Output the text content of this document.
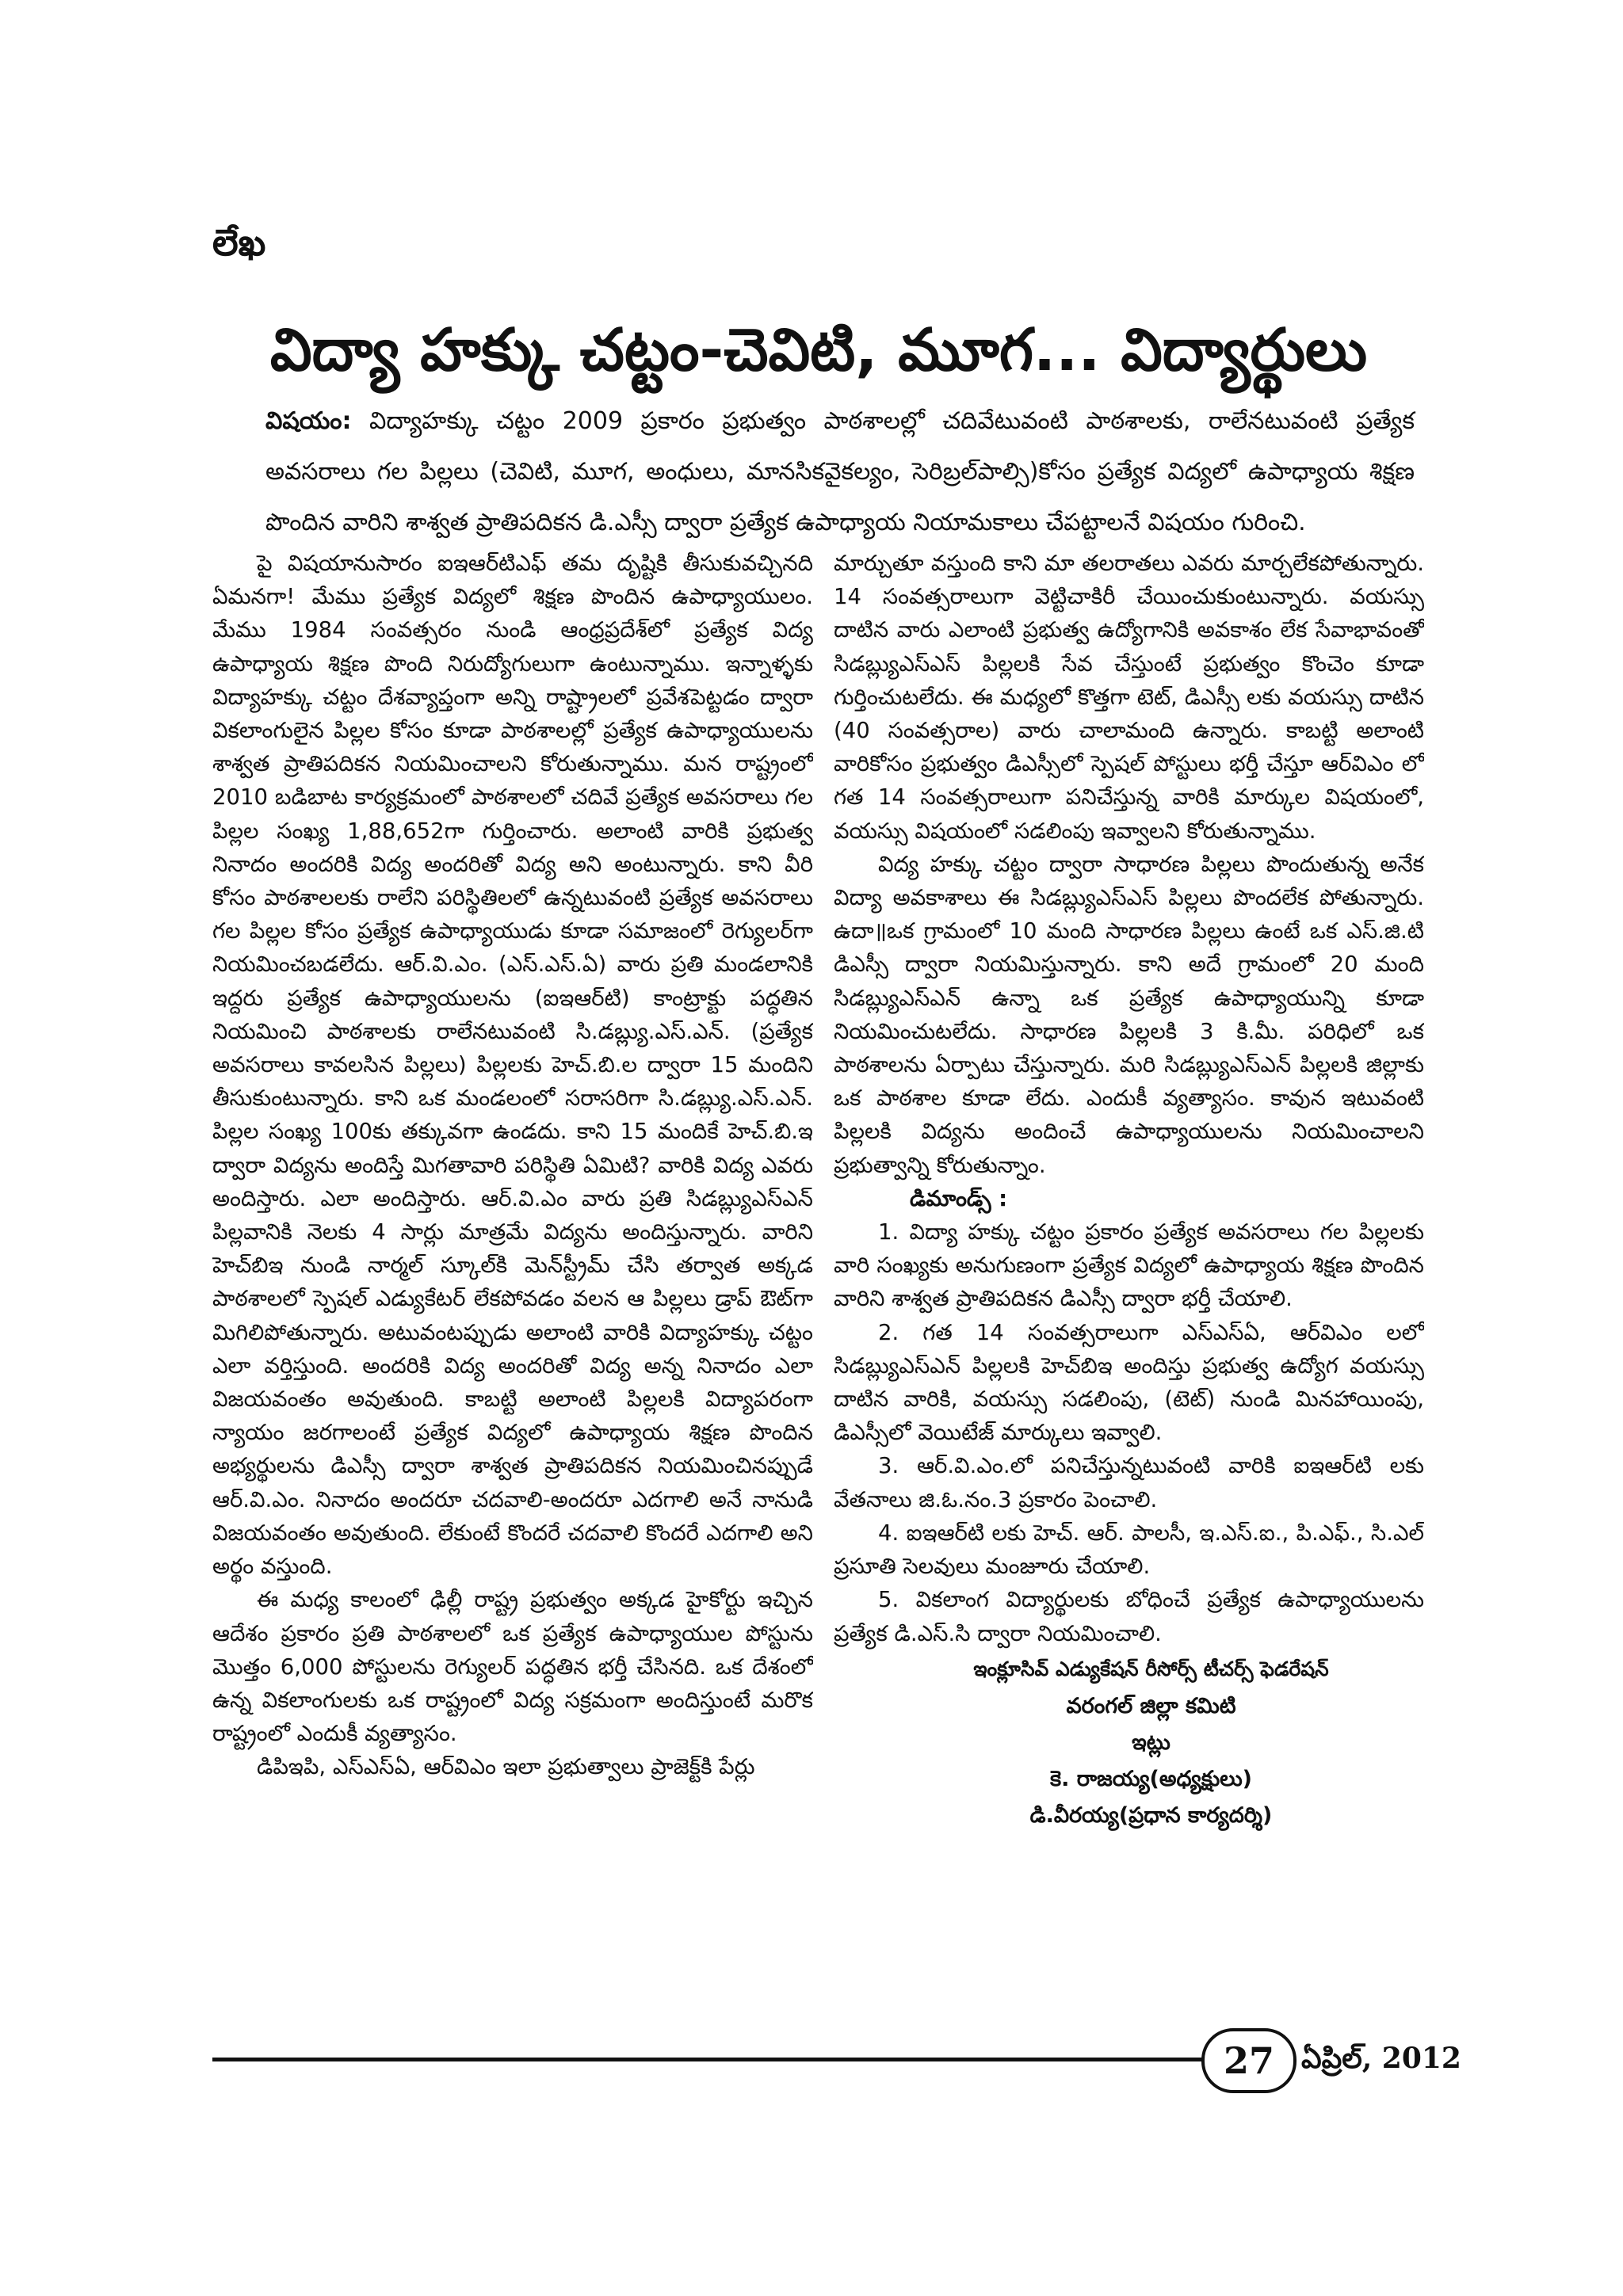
లేఖ
విద్యా హక్కు చట్టం-చెవిటి, మూగ... విద్యార్థులు
విషయం: విద్యాహక్కు చట్టం 2009 ప్రకారం ప్రభుత్వం పాఠశాలల్లో చదివేటువంటి పాఠశాలకు, రాలేనటువంటి ప్రత్యేక అవసరాలు గల పిల్లలు (చెవిటి, మూగ, అంధులు, మానసికవైకల్యం, సెరిబ్రల్‌పాల్సి)కోసం ప్రత్యేక విద్యలో ఉపాధ్యాయ శిక్షణ పొందిన వారిని శాశ్వత ప్రాతిపదికన డి.ఎస్సీ ద్వారా ప్రత్యేక ఉపాధ్యాయ నియామకాలు చేపట్టాలనే విషయం గురించి.

పై విషయానుసారం ఐఇఆర్‌టిఎఫ్ తమ దృష్టికి తీసుకువచ్చినది ఏమనగా! మేము ప్రత్యేక విద్యలో శిక్షణ పొందిన ఉపాధ్యాయులం. మేము 1984 సంవత్సరం నుండి ఆంధ్రప్రదేశ్‌లో ప్రత్యేక విద్య ఉపాధ్యాయ శిక్షణ పొంది నిరుద్యోగులుగా ఉంటున్నాము. ఇన్నాళ్ళకు విద్యాహక్కు చట్టం దేశవ్యాప్తంగా అన్ని రాష్ట్రాలలో ప్రవేశపెట్టడం ద్వారా వికలాంగులైన పిల్లల కోసం కూడా పాఠశాలల్లో ప్రత్యేక ఉపాధ్యాయులను శాశ్వత ప్రాతిపదికన నియమించాలని కోరుతున్నాము. మన రాష్ట్రంలో 2010 బడిబాట కార్యక్రమంలో పాఠశాలలో చదివే ప్రత్యేక అవసరాలు గల పిల్లల సంఖ్య 1,88,652గా గుర్తించారు. అలాంటి వారికి ప్రభుత్వ నినాదం అందరికి విద్య అందరితో విద్య అని అంటున్నారు. కాని వీరి కోసం పాఠశాలలకు రాలేని పరిస్థితిలలో ఉన్నటువంటి ప్రత్యేక అవసరాలు గల పిల్లల కోసం ప్రత్యేక ఉపాధ్యాయుడు కూడా సమాజంలో రెగ్యులర్‌గా నియమించబడలేదు. ఆర్.వి.ఎం. (ఎస్.ఎస్.ఏ) వారు ప్రతి మండలానికి ఇద్దరు ప్రత్యేక ఉపాధ్యాయులను (ఐఇఆర్‌టి) కాంట్రాక్టు పద్ధతిన నియమించి పాఠశాలకు రాలేనటువంటి సి.డబ్ల్యు.ఎస్.ఎన్. (ప్రత్యేక అవసరాలు కావలసిన పిల్లలు) పిల్లలకు హెచ్.బి.ల ద్వారా 15 మందిని తీసుకుంటున్నారు. కాని ఒక మండలంలో సరాసరిగా సి.డబ్ల్యు.ఎస్.ఎన్. పిల్లల సంఖ్య 100కు తక్కువగా ఉండదు. కాని 15 మందికే హెచ్.బి.ఇ ద్వారా విద్యను అందిస్తే మిగతావారి పరిస్థితి ఏమిటి? వారికి విద్య ఎవరు అందిస్తారు. ఎలా అందిస్తారు. ఆర్.వి.ఎం వారు ప్రతి సిడబ్ల్యుఎస్‌ఎన్ పిల్లవానికి నెలకు 4 సార్లు మాత్రమే విద్యను అందిస్తున్నారు. వారిని హెచ్‌బిఇ నుండి నార్మల్ స్కూల్‌కి మెన్‌స్ట్రీమ్ చేసి తర్వాత అక్కడ పాఠశాలలో స్పెషల్ ఎడ్యుకేటర్ లేకపోవడం వలన ఆ పిల్లలు డ్రాప్ ఔట్‌గా మిగిలిపోతున్నారు. అటువంటప్పుడు అలాంటి వారికి విద్యాహక్కు చట్టం ఎలా వర్తిస్తుంది. అందరికి విద్య అందరితో విద్య అన్న నినాదం ఎలా విజయవంతం అవుతుంది. కాబట్టి అలాంటి పిల్లలకి విద్యాపరంగా న్యాయం జరగాలంటే ప్రత్యేక విద్యలో ఉపాధ్యాయ శిక్షణ పొందిన అభ్యర్థులను డిఎస్సీ ద్వారా శాశ్వత ప్రాతిపదికన నియమించినప్పుడే ఆర్.వి.ఎం. నినాదం అందరూ చదవాలి-అందరూ ఎదగాలి అనే నానుడి విజయవంతం అవుతుంది. లేకుంటే కొందరే చదవాలి కొందరే ఎదగాలి అని అర్థం వస్తుంది.

ఈ మధ్య కాలంలో ఢిల్లీ రాష్ట్ర ప్రభుత్వం అక్కడ హైకోర్టు ఇచ్చిన ఆదేశం ప్రకారం ప్రతి పాఠశాలలో ఒక ప్రత్యేక ఉపాధ్యాయుల పోస్టును మొత్తం 6,000 పోస్టులను రెగ్యులర్ పద్ధతిన భర్తీ చేసినది. ఒక దేశంలో ఉన్న వికలాంగులకు ఒక రాష్ట్రంలో విద్య సక్రమంగా అందిస్తుంటే మరొక రాష్ట్రంలో ఎందుకీ వ్యత్యాసం.

డిపిఇపి, ఎస్ఎస్ఏ, ఆర్‌విఎం ఇలా ప్రభుత్వాలు ప్రాజెక్ట్‌కి పేర్లు

మార్చుతూ వస్తుంది కాని మా తలరాతలు ఎవరు మార్చలేకపోతున్నారు. 14 సంవత్సరాలుగా వెట్టిచాకిరీ చేయించుకుంటున్నారు. వయస్సు దాటిన వారు ఎలాంటి ప్రభుత్వ ఉద్యోగానికి అవకాశం లేక సేవాభావంతో సిడబ్ల్యుఎస్ఎస్ పిల్లలకి సేవ చేస్తుంటే ప్రభుత్వం కొంచెం కూడా గుర్తించుటలేదు. ఈ మధ్యలో కొత్తగా టెట్, డిఎస్సీ లకు వయస్సు దాటిన (40 సంవత్సరాల) వారు చాలామంది ఉన్నారు. కాబట్టి అలాంటి వారికోసం ప్రభుత్వం డిఎస్సీలో స్పెషల్ పోస్టులు భర్తీ చేస్తూ ఆర్‌విఎం లో గత 14 సంవత్సరాలుగా పనిచేస్తున్న వారికి మార్కుల విషయంలో, వయస్సు విషయంలో సడలింపు ఇవ్వాలని కోరుతున్నాము.

విద్య హక్కు చట్టం ద్వారా సాధారణ పిల్లలు పొందుతున్న అనేక విద్యా అవకాశాలు ఈ సిడబ్ల్యుఎస్ఎస్ పిల్లలు పొందలేక పోతున్నారు. ఉదా॥ఒక గ్రామంలో 10 మంది సాధారణ పిల్లలు ఉంటే ఒక ఎస్.జి.టి డిఎస్సీ ద్వారా నియమిస్తున్నారు. కాని అదే గ్రామంలో 20 మంది సిడబ్ల్యుఎస్ఎన్ ఉన్నా ఒక ప్రత్యేక ఉపాధ్యాయున్ని కూడా నియమించుటలేదు. సాధారణ పిల్లలకి 3 కి.మీ. పరిధిలో ఒక పాఠశాలను ఏర్పాటు చేస్తున్నారు. మరి సిడబ్ల్యుఎస్ఎన్ పిల్లలకి జిల్లాకు ఒక పాఠశాల కూడా లేదు. ఎందుకీ వ్యత్యాసం. కావున ఇటువంటి పిల్లలకి విద్యను అందించే ఉపాధ్యాయులను నియమించాలని ప్రభుత్వాన్ని కోరుతున్నాం.

డిమాండ్స్ :

1. విద్యా హక్కు చట్టం ప్రకారం ప్రత్యేక అవసరాలు గల పిల్లలకు వారి సంఖ్యకు అనుగుణంగా ప్రత్యేక విద్యలో ఉపాధ్యాయ శిక్షణ పొందిన వారిని శాశ్వత ప్రాతిపదికన డిఎస్సీ ద్వారా భర్తీ చేయాలి.

2. గత 14 సంవత్సరాలుగా ఎస్ఎస్ఏ, ఆర్‌విఎం లలో సిడబ్ల్యుఎస్ఎన్ పిల్లలకి హెచ్‌బిఇ అందిస్తు ప్రభుత్వ ఉద్యోగ వయస్సు దాటిన వారికి, వయస్సు సడలింపు, (టెట్) నుండి మినహాయింపు, డిఎస్సీలో వెయిటేజ్ మార్కులు ఇవ్వాలి.

3. ఆర్.వి.ఎం.లో పనిచేస్తున్నటువంటి వారికి ఐఇఆర్‌టి లకు వేతనాలు జి.ఓ.నం.3 ప్రకారం పెంచాలి.

4. ఐఇఆర్‌టి లకు హెచ్. ఆర్. పాలసీ, ఇ.ఎస్.ఐ., పి.ఎఫ్., సి.ఎల్ ప్రసూతి సెలవులు మంజూరు చేయాలి.

5. వికలాంగ విద్యార్థులకు బోధించే ప్రత్యేక ఉపాధ్యాయులను ప్రత్యేక డి.ఎస్.సి ద్వారా నియమించాలి.

ఇంక్లూసివ్ ఎడ్యుకేషన్ రీసోర్స్ టీచర్స్ ఫెడరేషన్

వరంగల్ జిల్లా కమిటి

ఇట్లు

కె. రాజయ్య(అధ్యక్షులు)

డి.వీరయ్య(ప్రధాన కార్యదర్శి)

27 ఏప్రిల్, 2012
